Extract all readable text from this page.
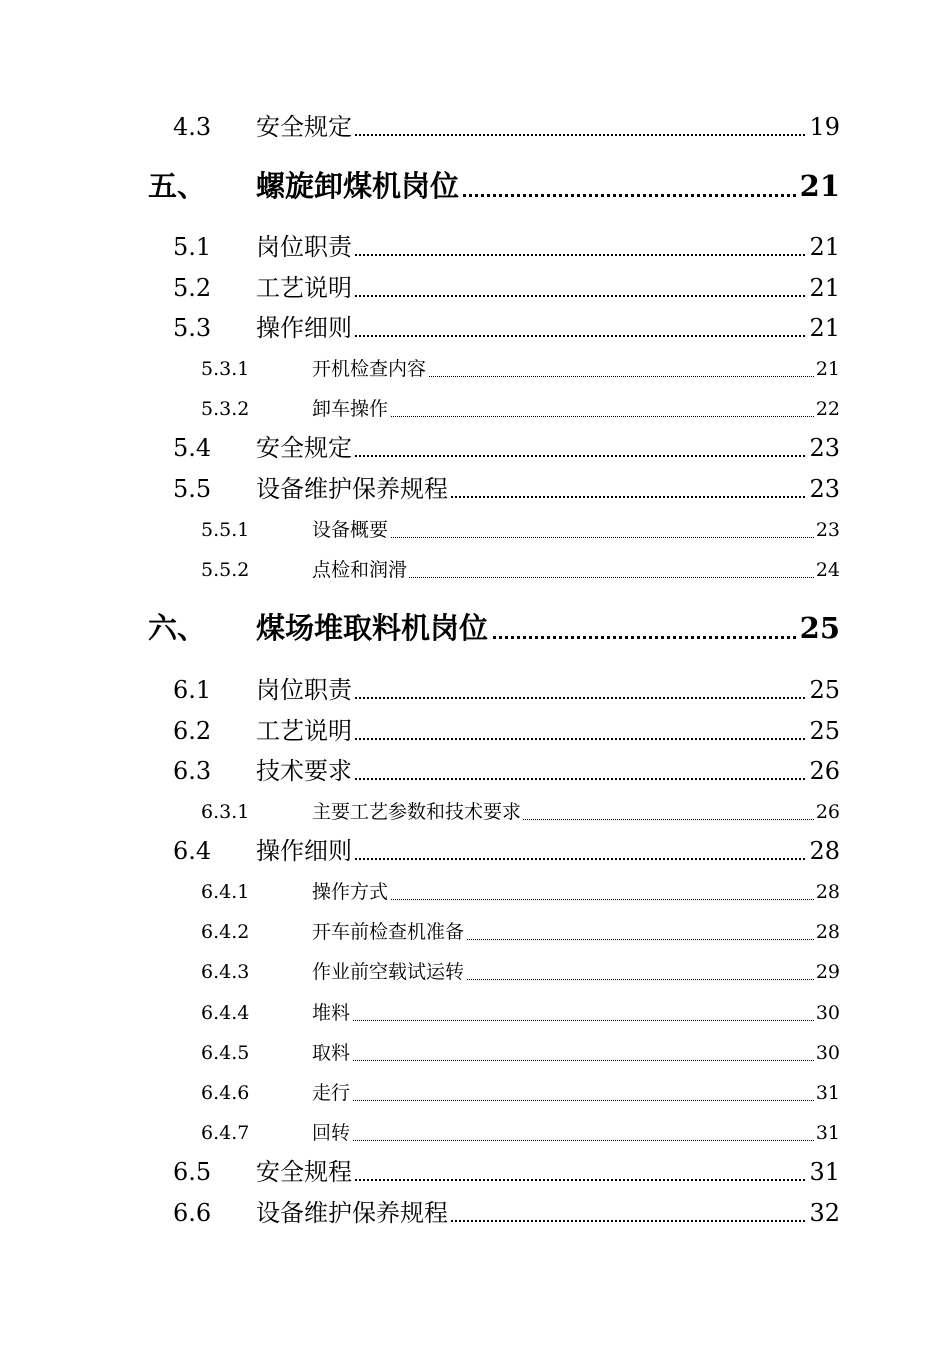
4.3 安全规定	19
五、 螺旋卸煤机岗位	21
5.1 岗位职责	21
5.2 工艺说明	21
5.3 操作细则	21
5.3.1	开机检查内容	21
5.3.2	卸车操作	22
5.4 安全规定	23
5.5 设备维护保养规程	23
5.5.1	设备概要	23
5.5.2	点检和润滑	24
六、 煤场堆取料机岗位	25
6.1 岗位职责	25
6.2 工艺说明	25
6.3 技术要求	26
6.3.1	主要工艺参数和技术要求	26
6.4 操作细则	28
6.4.1	操作方式	28
6.4.2	开车前检查机准备	28
6.4.3	作业前空载试运转	29
6.4.4	堆料	30
6.4.5	取料	30
6.4.6	走行	31
6.4.7	回转	31
6.5 安全规程	31
6.6 设备维护保养规程	32
